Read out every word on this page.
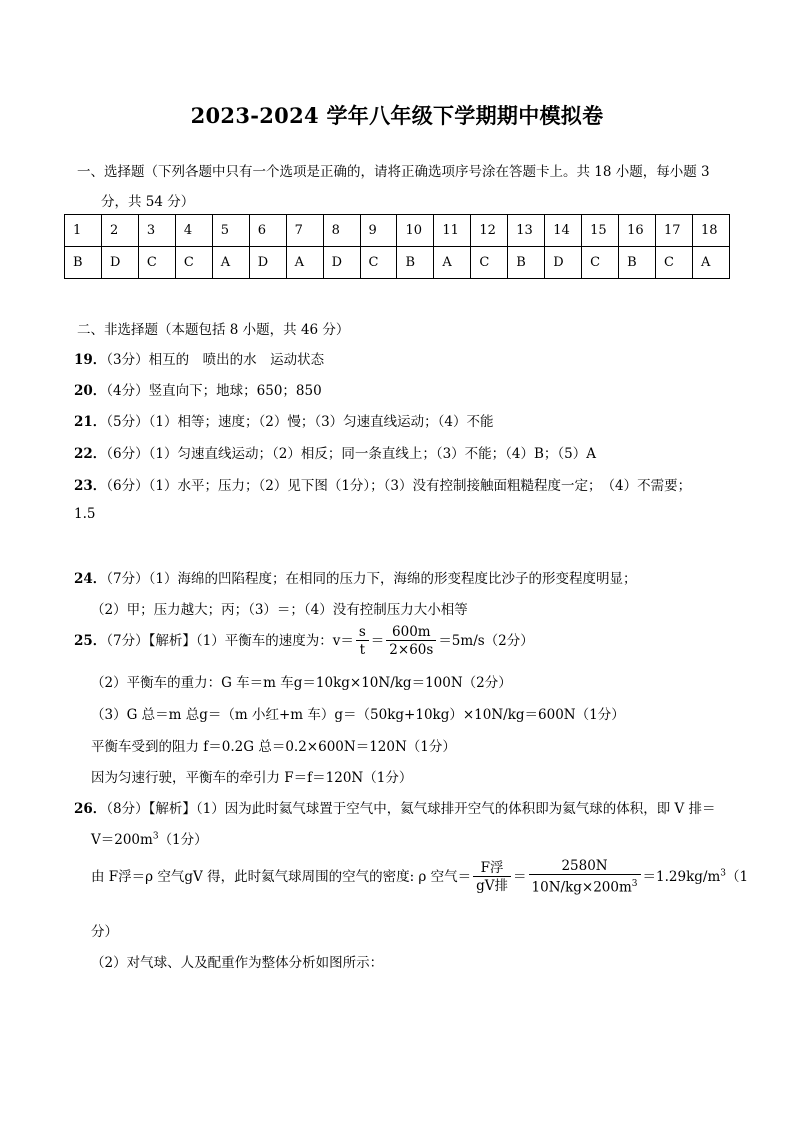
2023-2024 学年八年级下学期期中模拟卷
一、选择题（下列各题中只有一个选项是正确的，请将正确选项序号涂在答题卡上。共 18 小题，每小题 3
分，共 54 分）
1	2	3	4	5	6	7	8	9	10	11	12	13	14	15	16	17	18
B	D	C	C	A	D	A	D	C	B	A	C	B	D	C	B	C	A
二、非选择题（本题包括 8 小题，共 46 分）
19．（3分）相互的　喷出的水　运动状态
20．（4分）竖直向下；地球；650；850
21．（5分）（1）相等；速度；（2）慢；（3）匀速直线运动；（4）不能
22．（6分）（1）匀速直线运动；（2）相反；同一条直线上；（3）不能；（4）B；（5）A
23．（6分）（1）水平；压力；（2）见下图（1分）；（3）没有控制接触面粗糙程度一定；　（4）不需要；
1.5
24．（7分）（1）海绵的凹陷程度；在相同的压力下，海绵的形变程度比沙子的形变程度明显；
（2）甲；压力越大；丙；（3）＝；（4）没有控制压力大小相等
25．（7分）【解析】（1）平衡车的速度为：$v= \frac{s}{t} = \frac{600m}{2\times 60s} =5m/s(2$分）
（2）平衡车的重力：G 车＝m 车g＝10kg×10N/kg＝100N（2分）
（3）G 总＝m 总g＝（m 小红+m 车）g＝（50kg+10kg）×10N/kg＝600N（1分）
平衡车受到的阻力 f＝0.2G 总＝0.2×600N＝120N（1分）
因为匀速行驶，平衡车的牵引力 F＝f＝120N（1分）
26．（8分）【解析】（1）因为此时氦气球置于空气中，氦气球排开空气的体积即为氦气球的体积，即 V 排＝
$V=200m^3(1$分）
由 F浮＝ρ 空气gV 得，此时氦气球周围的空气的密度: ρ 空气＝ $\frac{\text{F浮}}{\text{gV排}} = \frac{2580N}{10N/kg\times 200m^3} =1.29kg/m^3(1$
分）
（2）对气球、人及配重作为整体分析如图所示：
